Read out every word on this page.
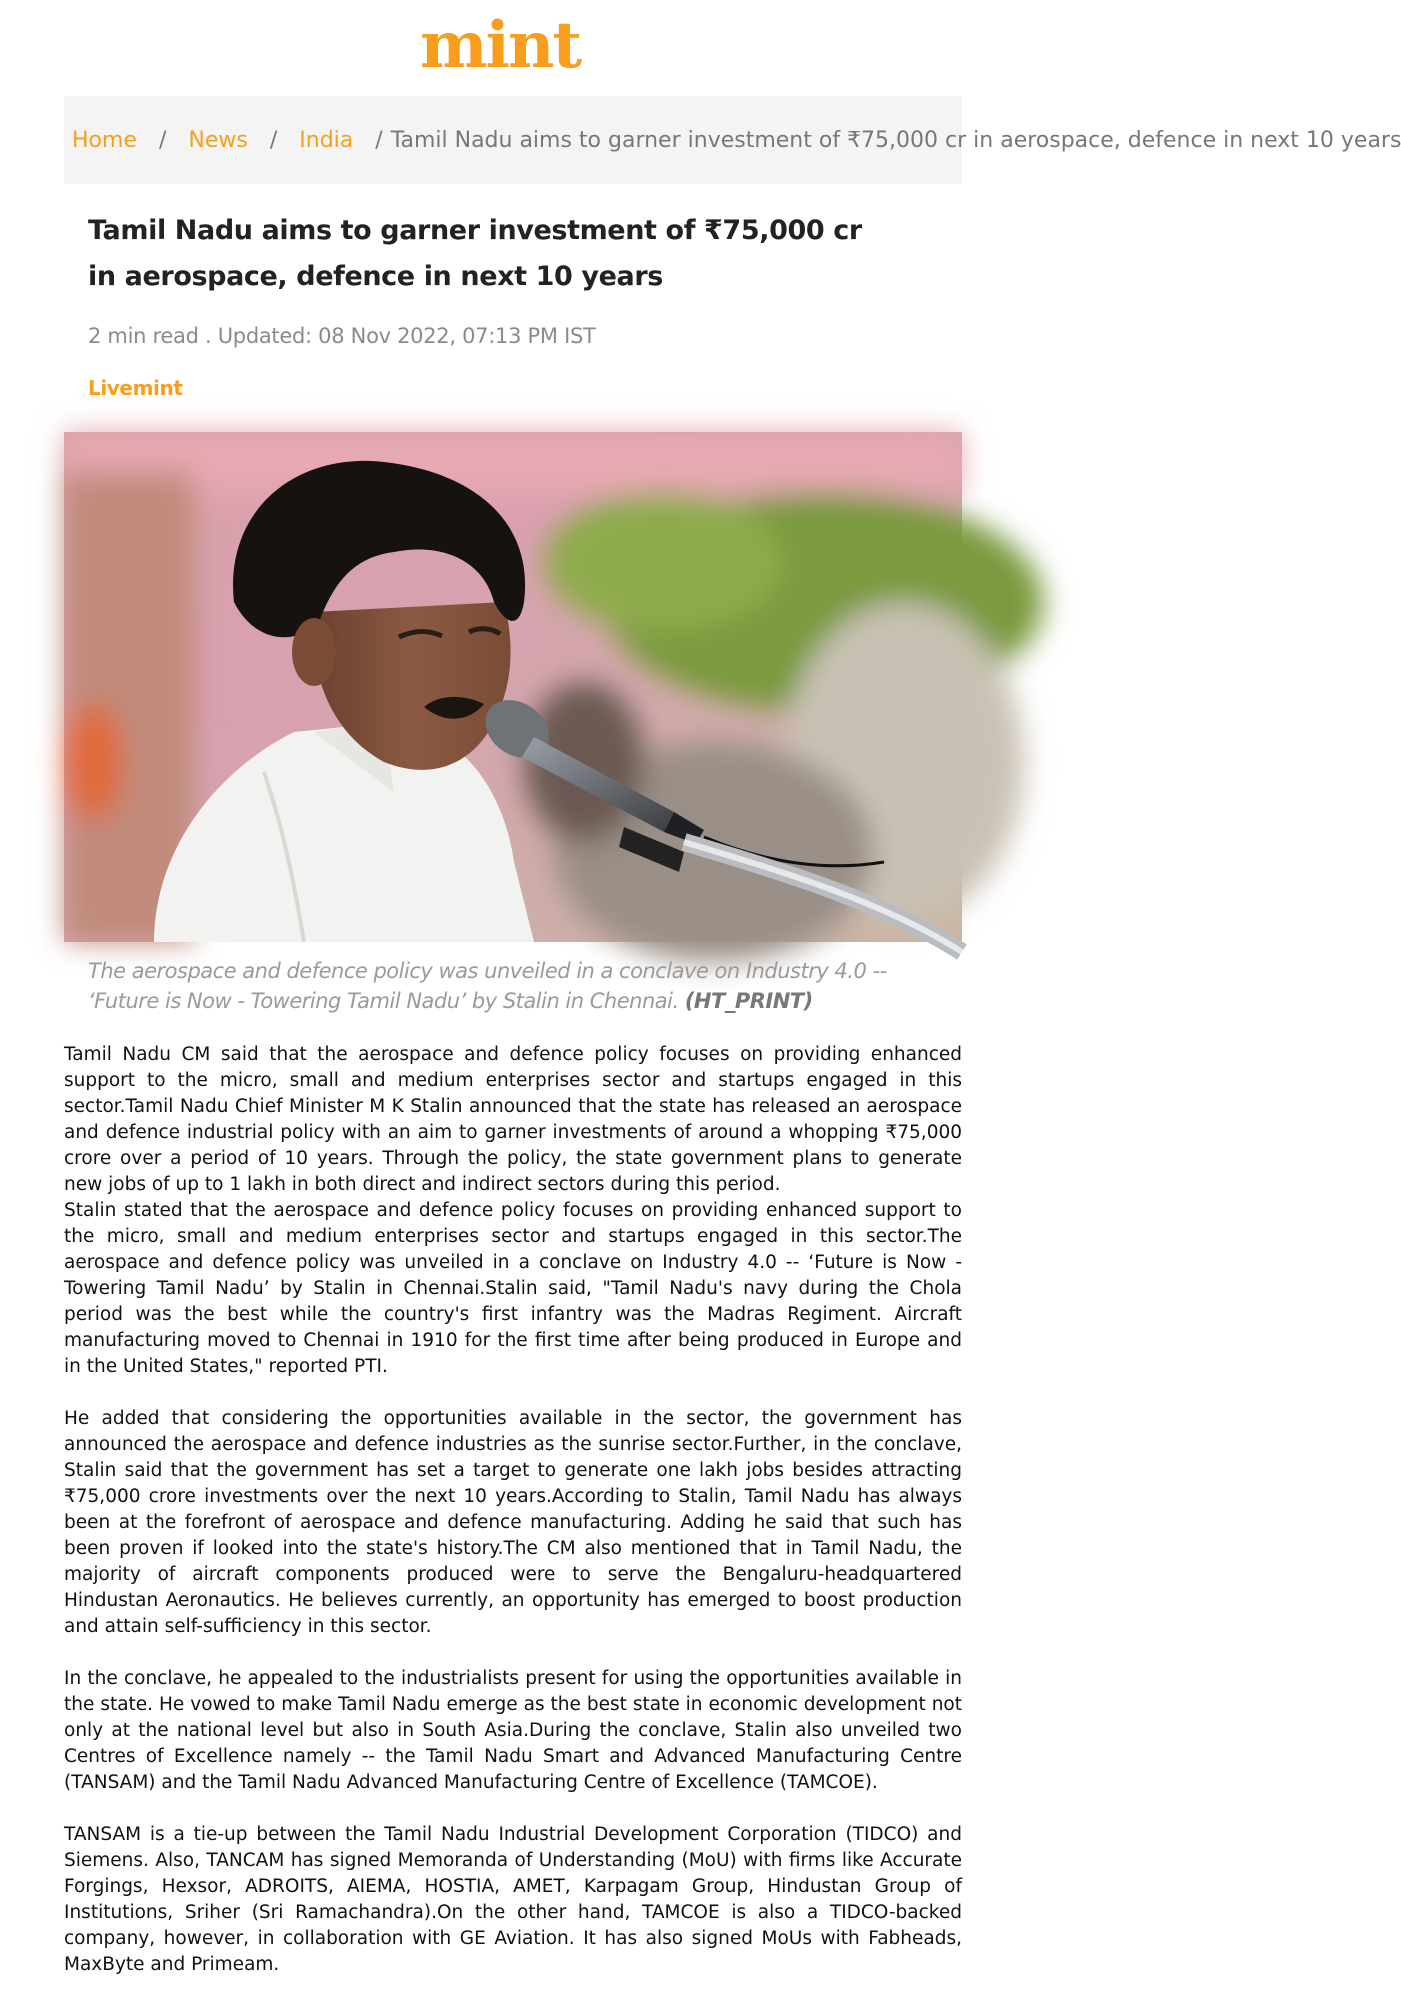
mint
Home / News / India / Tamil Nadu aims to garner investment of ₹75,000 cr in aerospace, defence in next 10 years
Tamil Nadu aims to garner investment of ₹75,000 cr in aerospace, defence in next 10 years
2 min read . Updated: 08 Nov 2022, 07:13 PM IST
Livemint
The aerospace and defence policy was unveiled in a conclave on Industry 4.0 -- ‘Future is Now - Towering Tamil Nadu’ by Stalin in Chennai. (HT_PRINT)

Tamil Nadu CM said that the aerospace and defence policy focuses on providing enhanced support to the micro, small and medium enterprises sector and startups engaged in this sector.Tamil Nadu Chief Minister M K Stalin announced that the state has released an aerospace and defence industrial policy with an aim to garner investments of around a whopping ₹75,000 crore over a period of 10 years. Through the policy, the state government plans to generate new jobs of up to 1 lakh in both direct and indirect sectors during this period.

Stalin stated that the aerospace and defence policy focuses on providing enhanced support to the micro, small and medium enterprises sector and startups engaged in this sector.The aerospace and defence policy was unveiled in a conclave on Industry 4.0 -- ‘Future is Now - Towering Tamil Nadu’ by Stalin in Chennai.Stalin said, "Tamil Nadu's navy during the Chola period was the best while the country's first infantry was the Madras Regiment. Aircraft manufacturing moved to Chennai in 1910 for the first time after being produced in Europe and in the United States," reported PTI.

He added that considering the opportunities available in the sector, the government has announced the aerospace and defence industries as the sunrise sector.Further, in the conclave, Stalin said that the government has set a target to generate one lakh jobs besides attracting ₹75,000 crore investments over the next 10 years.According to Stalin, Tamil Nadu has always been at the forefront of aerospace and defence manufacturing. Adding he said that such has been proven if looked into the state's history.The CM also mentioned that in Tamil Nadu, the majority of aircraft components produced were to serve the Bengaluru-headquartered Hindustan Aeronautics. He believes currently, an opportunity has emerged to boost production and attain self-sufficiency in this sector.

In the conclave, he appealed to the industrialists present for using the opportunities available in the state. He vowed to make Tamil Nadu emerge as the best state in economic development not only at the national level but also in South Asia.During the conclave, Stalin also unveiled two Centres of Excellence namely -- the Tamil Nadu Smart and Advanced Manufacturing Centre (TANSAM) and the Tamil Nadu Advanced Manufacturing Centre of Excellence (TAMCOE).

TANSAM is a tie-up between the Tamil Nadu Industrial Development Corporation (TIDCO) and Siemens. Also, TANCAM has signed Memoranda of Understanding (MoU) with firms like Accurate Forgings, Hexsor, ADROITS, AIEMA, HOSTIA, AMET, Karpagam Group, Hindustan Group of Institutions, Sriher (Sri Ramachandra).On the other hand, TAMCOE is also a TIDCO-backed company, however, in collaboration with GE Aviation. It has also signed MoUs with Fabheads, MaxByte and Primeam.
